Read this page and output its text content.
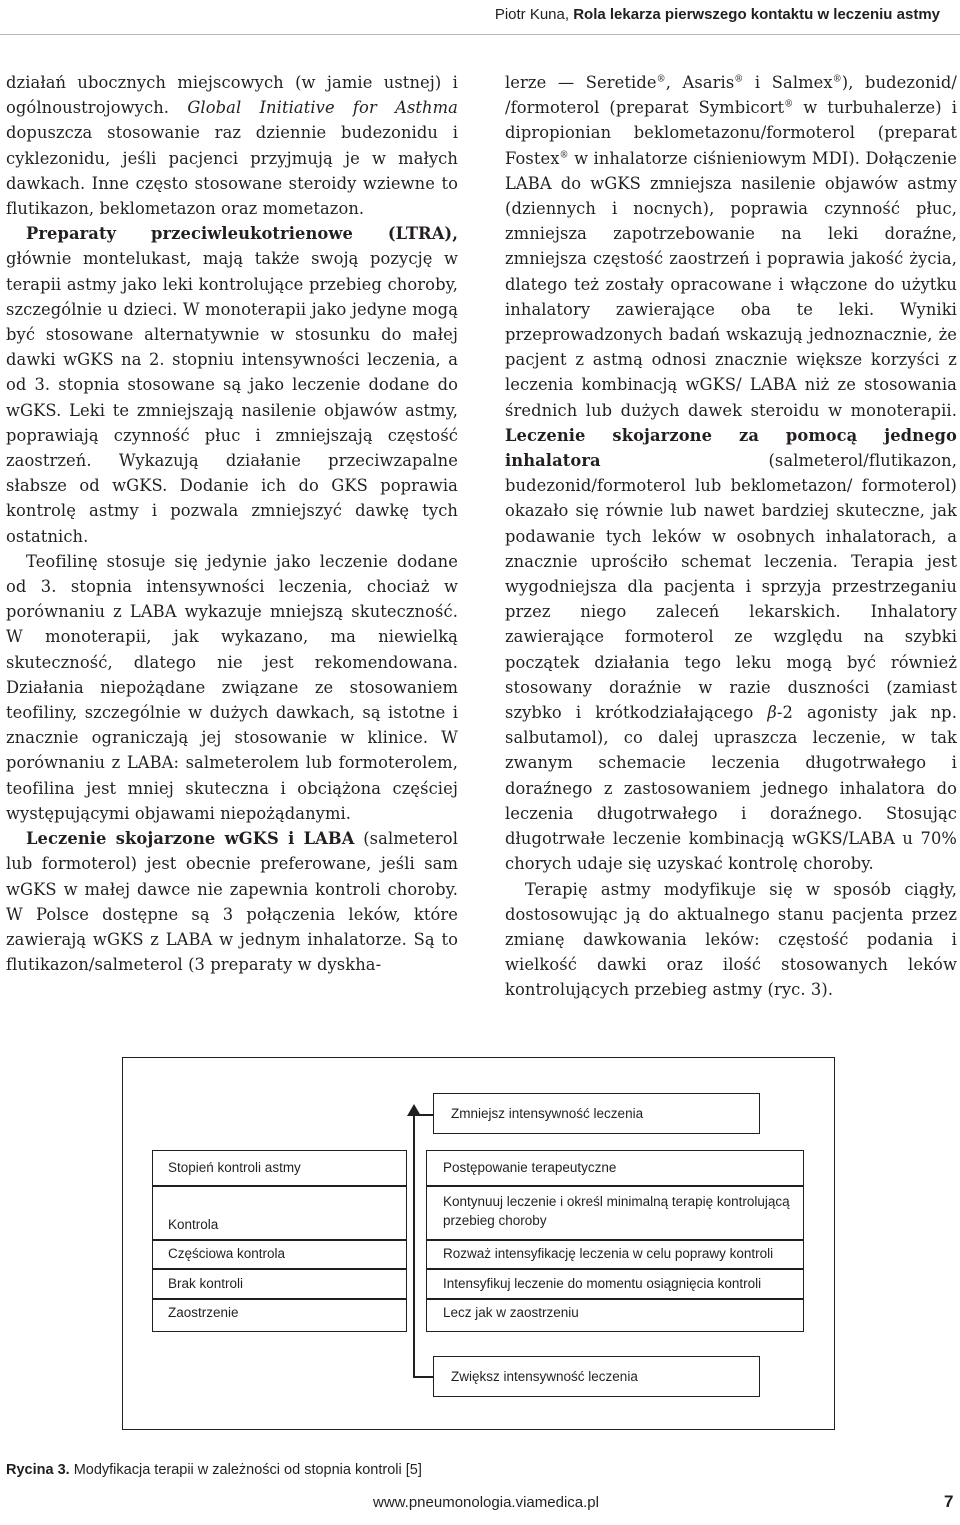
Piotr Kuna, Rola lekarza pierwszego kontaktu w leczeniu astmy

działań ubocznych miejscowych (w jamie ustnej) i ogólnoustrojowych. Global Initiative for Asthma dopuszcza stosowanie raz dziennie budezonidu i cyklezonidu, jeśli pacjenci przyjmują je w małych dawkach. Inne często stosowane steroidy wziewne to flutikazon, beklometazon oraz mometazon.

Preparaty przeciwleukotrienowe (LTRA), głównie montelukast, mają także swoją pozycję w terapii astmy jako leki kontrolujące przebieg choroby, szczególnie u dzieci. W monoterapii jako jedyne mogą być stosowane alternatywnie w stosunku do małej dawki wGKS na 2. stopniu intensywności leczenia, a od 3. stopnia stosowane są jako leczenie dodane do wGKS. Leki te zmniejszają nasilenie objawów astmy, poprawiają czynność płuc i zmniejszają częstość zaostrzeń. Wykazują działanie przeciwzapalne słabsze od wGKS. Dodanie ich do GKS poprawia kontrolę astmy i pozwala zmniejszyć dawkę tych ostatnich.

Teofilinę stosuje się jedynie jako leczenie dodane od 3. stopnia intensywności leczenia, chociaż w porównaniu z LABA wykazuje mniejszą skuteczność. W monoterapii, jak wykazano, ma niewielką skuteczność, dlatego nie jest rekomendowana. Działania niepożądane związane ze stosowaniem teofiliny, szczególnie w dużych dawkach, są istotne i znacznie ograniczają jej stosowanie w klinice. W porównaniu z LABA: salmeterolem lub formoterolem, teofilina jest mniej skuteczna i obciążona częściej występującymi objawami niepożądanymi.

Leczenie skojarzone wGKS i LABA (salmeterol lub formoterol) jest obecnie preferowane, jeśli sam wGKS w małej dawce nie zapewnia kontroli choroby. W Polsce dostępne są 3 połączenia leków, które zawierają wGKS z LABA w jednym inhalatorze. Są to flutikazon/salmeterol (3 preparaty w dyskha-

lerze — Seretide®, Asaris® i Salmex®), budezonid/ /formoterol (preparat Symbicort® w turbuhalerze) i dipropionian beklometazonu/formoterol (preparat Fostex® w inhalatorze ciśnieniowym MDI). Dołączenie LABA do wGKS zmniejsza nasilenie objawów astmy (dziennych i nocnych), poprawia czynność płuc, zmniejsza zapotrzebowanie na leki doraźne, zmniejsza częstość zaostrzeń i poprawia jakość życia, dlatego też zostały opracowane i włączone do użytku inhalatory zawierające oba te leki. Wyniki przeprowadzonych badań wskazują jednoznacznie, że pacjent z astmą odnosi znacznie większe korzyści z leczenia kombinacją wGKS/ LABA niż ze stosowania średnich lub dużych dawek steroidu w monoterapii. Leczenie skojarzone za pomocą jednego inhalatora (salmeterol/flutikazon, budezonid/formoterol lub beklometazon/ formoterol) okazało się równie lub nawet bardziej skuteczne, jak podawanie tych leków w osobnych inhalatorach, a znacznie uprościło schemat leczenia. Terapia jest wygodniejsza dla pacjenta i sprzyja przestrzeganiu przez niego zaleceń lekarskich. Inhalatory zawierające formoterol ze względu na szybki początek działania tego leku mogą być również stosowany doraźnie w razie duszności (zamiast szybko i krótkodziałającego β-2 agonisty jak np. salbutamol), co dalej upraszcza leczenie, w tak zwanym schemacie leczenia długotrwałego i doraźnego z zastosowaniem jednego inhalatora do leczenia długotrwałego i doraźnego. Stosując długotrwałe leczenie kombinacją wGKS/LABA u 70% chorych udaje się uzyskać kontrolę choroby.

Terapię astmy modyfikuje się w sposób ciągły, dostosowując ją do aktualnego stanu pacjenta przez zmianę dawkowania leków: częstość podania i wielkość dawki oraz ilość stosowanych leków kontrolujących przebieg astmy (ryc. 3).

Zmniejsz intensywność leczenia
Stopień kontroli astmy
Kontrola
Częściowa kontrola
Brak kontroli
Zaostrzenie
Postępowanie terapeutyczne
Kontynuuj leczenie i określ minimalną terapię kontrolującą przebieg choroby
Rozważ intensyfikację leczenia w celu poprawy kontroli
Intensyfikuj leczenie do momentu osiągnięcia kontroli
Lecz jak w zaostrzeniu
Zwiększ intensywność leczenia
Rycina 3. Modyfikacja terapii w zależności od stopnia kontroli [5]
www.pneumonologia.viamedica.pl	7
